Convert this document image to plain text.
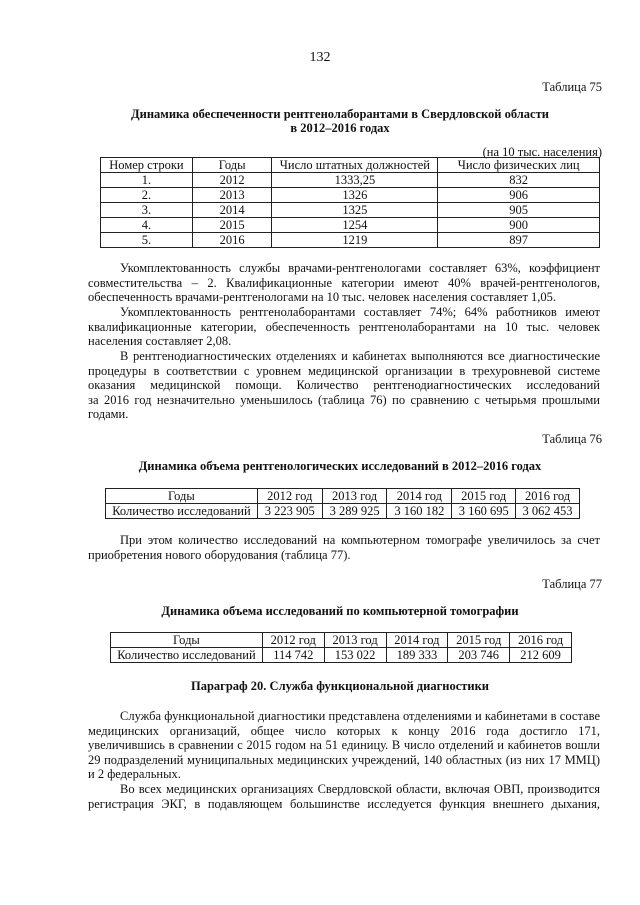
132
Таблица 75
Динамика обеспеченности рентгенолаборантами в Свердловской области
в 2012–2016 годах
(на 10 тыс. населения)
Номер строки	Годы	Число штатных должностей	Число физических лиц
1.	2012	1333,25	832
2.	2013	1326	906
3.	2014	1325	905
4.	2015	1254	900
5.	2016	1219	897
Укомплектованность службы врачами-рентгенологами составляет 63%, коэффициент
совместительства – 2. Квалификационные категории имеют 40% врачей-рентгенологов,
обеспеченность врачами-рентгенологами на 10 тыс. человек населения составляет 1,05.
Укомплектованность рентгенолаборантами составляет 74%; 64% работников имеют
квалификационные категории, обеспеченность рентгенолаборантами на 10 тыс. человек
населения составляет 2,08.
В рентгенодиагностических отделениях и кабинетах выполняются все диагностические
процедуры в соответствии с уровнем медицинской организации в трехуровневой системе
оказания медицинской помощи. Количество рентгенодиагностических исследований
за 2016 год незначительно уменьшилось (таблица 76) по сравнению с четырьмя прошлыми
годами.
Таблица 76
Динамика объема рентгенологических исследований в 2012–2016 годах
Годы	2012 год	2013 год	2014 год	2015 год	2016 год
Количество исследований	3 223 905	3 289 925	3 160 182	3 160 695	3 062 453
При этом количество исследований на компьютерном томографе увеличилось за счет
приобретения нового оборудования (таблица 77).
Таблица 77
Динамика объема исследований по компьютерной томографии
Годы	2012 год	2013 год	2014 год	2015 год	2016 год
Количество исследований	114 742	153 022	189 333	203 746	212 609
Параграф 20. Служба функциональной диагностики
Служба функциональной диагностики представлена отделениями и кабинетами в составе
медицинских организаций, общее число которых к концу 2016 года достигло 171,
увеличившись в сравнении с 2015 годом на 51 единицу. В число отделений и кабинетов вошли
29 подразделений муниципальных медицинских учреждений, 140 областных (из них 17 ММЦ)
и 2 федеральных.
Во всех медицинских организациях Свердловской области, включая ОВП, производится
регистрация ЭКГ, в подавляющем большинстве исследуется функция внешнего дыхания,
